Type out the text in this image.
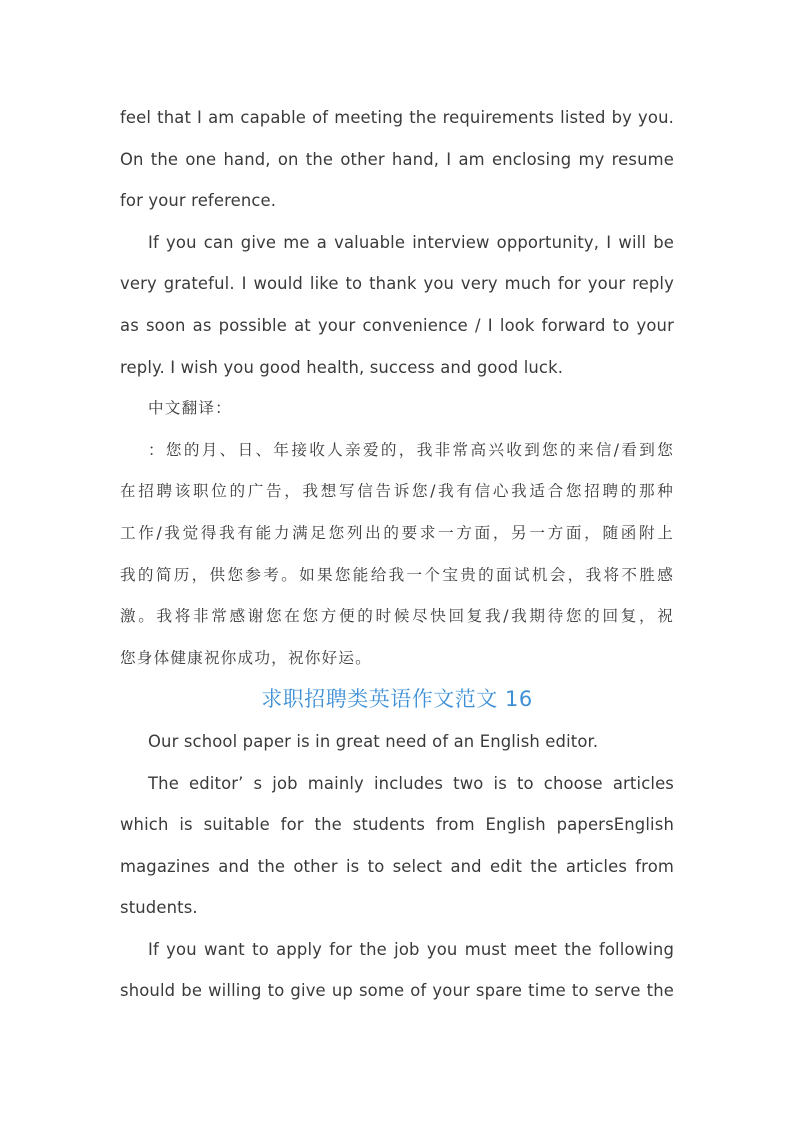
feel that I am capable of meeting the requirements listed by you.
On the one hand, on the other hand, I am enclosing my resume
for your reference.
If you can give me a valuable interview opportunity, I will be
very grateful. I would like to thank you very much for your reply
as soon as possible at your convenience / I look forward to your
reply. I wish you good health, success and good luck.
中文翻译：
：您的月、日、年接收人亲爱的，我非常高兴收到您的来信/看到您
在招聘该职位的广告，我想写信告诉您/我有信心我适合您招聘的那种
工作/我觉得我有能力满足您列出的要求一方面，另一方面，随函附上
我的简历，供您参考。如果您能给我一个宝贵的面试机会，我将不胜感
激。我将非常感谢您在您方便的时候尽快回复我/我期待您的回复，祝
您身体健康祝你成功，祝你好运。
求职招聘类英语作文范文 16
Our school paper is in great need of an English editor.
The editor’ s job mainly includes two is to choose articles
which is suitable for the students from English papersEnglish
magazines and the other is to select and edit the articles from
students.
If you want to apply for the job you must meet the following
should be willing to give up some of your spare time to serve the
